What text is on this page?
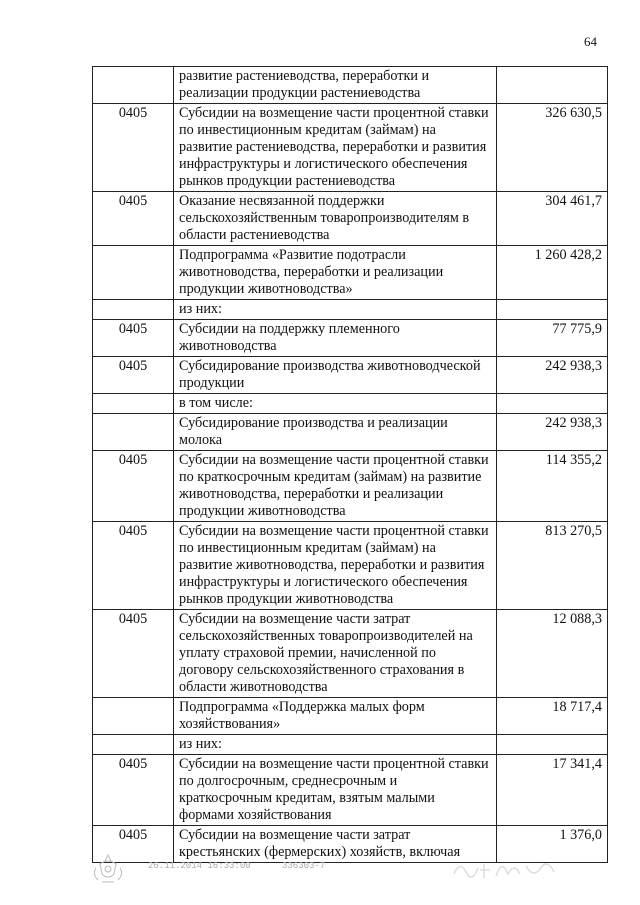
64
	развитие растениеводства, переработки и реализации продукции растениеводства	
0405	Субсидии на возмещение части процентной ставки по инвестиционным кредитам (займам) на развитие растениеводства, переработки и развития инфраструктуры и логистического обеспечения рынков продукции растениеводства	326 630,5
0405	Оказание несвязанной поддержки сельскохозяйственным товаропроизводителям в области растениеводства	304 461,7
	Подпрограмма «Развитие подотрасли животноводства, переработки и реализации продукции животноводства»	1 260 428,2
	из них:	
0405	Субсидии на поддержку племенного животноводства	77 775,9
0405	Субсидирование производства животноводческой продукции	242 938,3
	в том числе:	
	Субсидирование производства и реализации молока	242 938,3
0405	Субсидии на возмещение части процентной ставки по краткосрочным кредитам (займам) на развитие животноводства, переработки и реализации продукции животноводства	114 355,2
0405	Субсидии на возмещение части процентной ставки по инвестиционным кредитам (займам) на развитие животноводства, переработки и развития инфраструктуры и логистического обеспечения рынков продукции животноводства	813 270,5
0405	Субсидии на возмещение части затрат сельскохозяйственных товаропроизводителей на уплату страховой премии, начисленной по договору сельскохозяйственного страхования в области животноводства	12 088,3
	Подпрограмма «Поддержка малых форм хозяйствования»	18 717,4
	из них:	
0405	Субсидии на возмещение части процентной ставки по долгосрочным, среднесрочным и краткосрочным кредитам, взятым малыми формами хозяйствования	17 341,4
0405	Субсидии на возмещение части затрат крестьянских (фермерских) хозяйств, включая	1 376,0
26.11.2014 16:33:00	336303-7
